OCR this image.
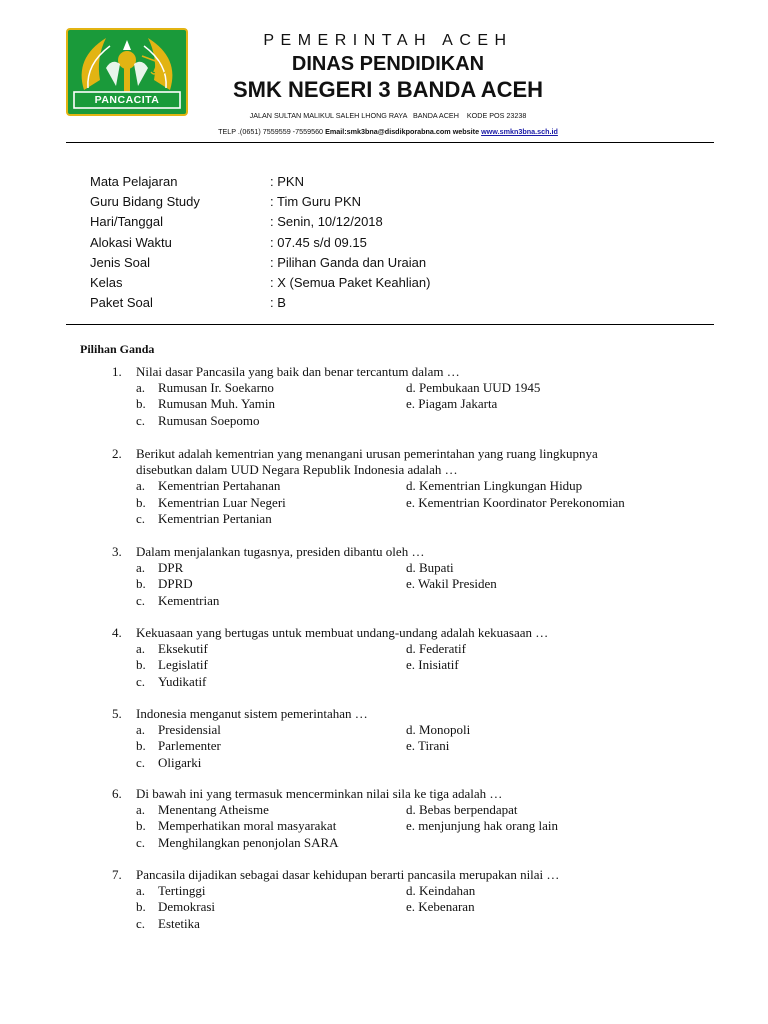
PANCACITA
PEMERINTAH ACEH
DINAS PENDIDIKAN
SMK NEGERI 3 BANDA ACEH
JALAN SULTAN MALIKUL SALEH LHONG RAYA   BANDA ACEH    KODE POS 23238
TELP .(0651) 7559559 -7559560 Email:smk3bna@disdikporabna.com website www.smkn3bna.sch.id
Mata Pelajaran	: PKN
Guru Bidang Study	: Tim Guru PKN
Hari/Tanggal	: Senin, 10/12/2018
Alokasi Waktu	: 07.45 s/d 09.15
Jenis Soal	: Pilihan Ganda dan Uraian
Kelas	: X (Semua Paket Keahlian)
Paket Soal	: B
Pilihan Ganda
1. Nilai dasar Pancasila yang baik dan benar tercantum dalam …
a. Rumusan Ir. Soekarno	d. Pembukaan UUD 1945
b. Rumusan Muh. Yamin	e. Piagam Jakarta
c. Rumusan Soepomo
2. Berikut adalah kementrian yang menangani urusan pemerintahan yang ruang lingkupnya
disebutkan dalam UUD Negara Republik Indonesia adalah …
a. Kementrian Pertahanan	d. Kementrian Lingkungan Hidup
b. Kementrian Luar Negeri	e. Kementrian Koordinator Perekonomian
c. Kementrian Pertanian
3. Dalam menjalankan tugasnya, presiden dibantu oleh …
a. DPR	d. Bupati
b. DPRD	e. Wakil Presiden
c. Kementrian
4. Kekuasaan yang bertugas untuk membuat undang-undang adalah kekuasaan …
a. Eksekutif	d. Federatif
b. Legislatif	e. Inisiatif
c. Yudikatif
5. Indonesia menganut sistem pemerintahan …
a. Presidensial	d. Monopoli
b. Parlementer	e. Tirani
c. Oligarki
6. Di bawah ini yang termasuk mencerminkan nilai sila ke tiga adalah …
a. Menentang Atheisme	d. Bebas berpendapat
b. Memperhatikan moral masyarakat	e. menjunjung hak orang lain
c. Menghilangkan penonjolan SARA
7. Pancasila dijadikan sebagai dasar kehidupan berarti pancasila merupakan nilai …
a. Tertinggi	d. Keindahan
b. Demokrasi	e. Kebenaran
c. Estetika
